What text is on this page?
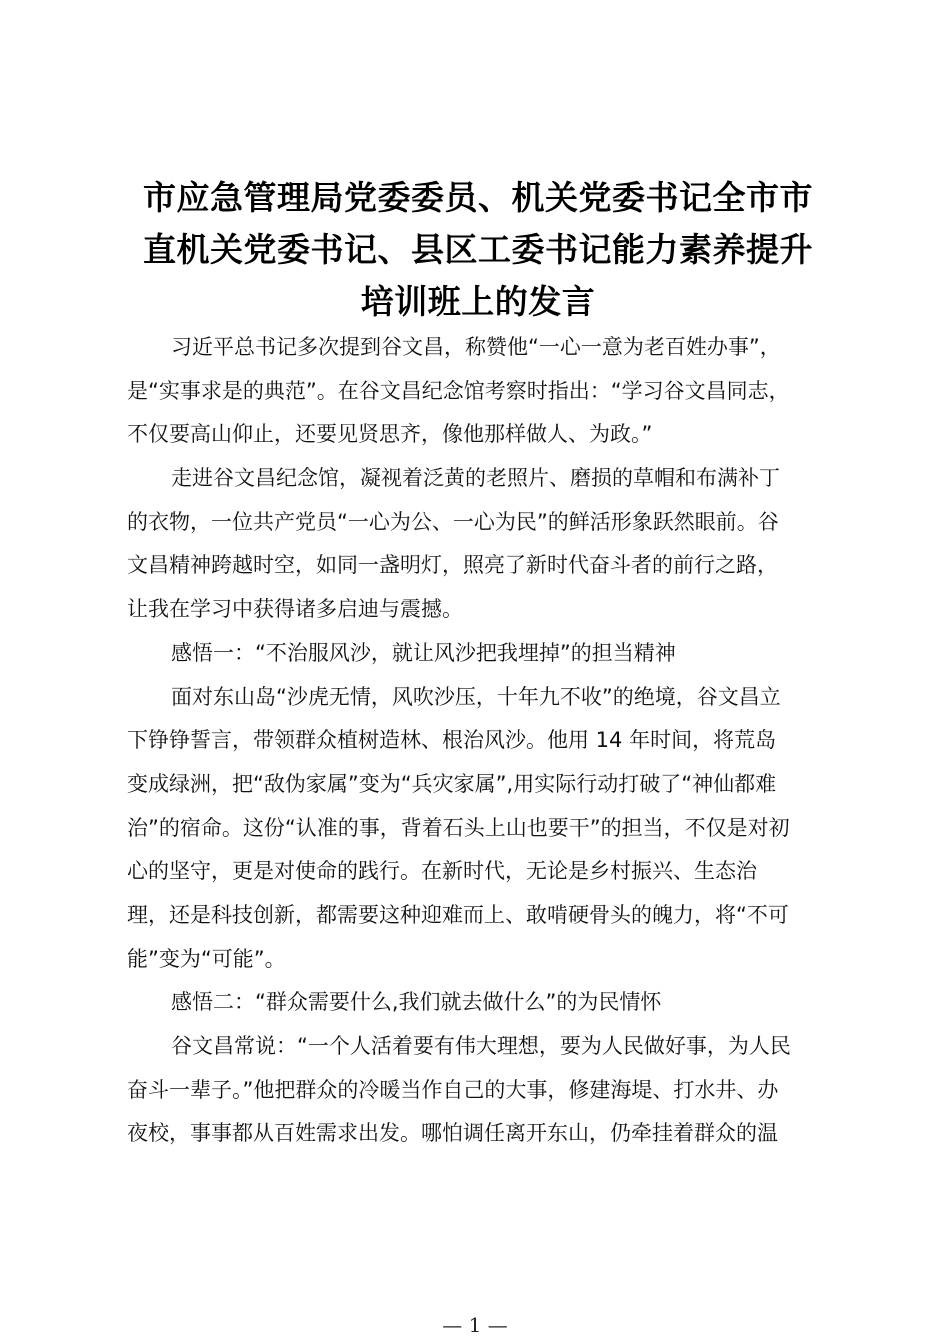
市应急管理局党委委员、机关党委书记全市市
直机关党委书记、县区工委书记能力素养提升
培训班上的发言
习近平总书记多次提到谷文昌，称赞他“一心一意为老百姓办事”，
是“实事求是的典范”。在谷文昌纪念馆考察时指出：“学习谷文昌同志，
不仅要高山仰止，还要见贤思齐，像他那样做人、为政。”
走进谷文昌纪念馆，凝视着泛黄的老照片、磨损的草帽和布满补丁
的衣物，一位共产党员“一心为公、一心为民”的鲜活形象跃然眼前。谷
文昌精神跨越时空，如同一盏明灯，照亮了新时代奋斗者的前行之路，
让我在学习中获得诸多启迪与震撼。
感悟一：“不治服风沙，就让风沙把我埋掉”的担当精神
面对东山岛“沙虎无情，风吹沙压，十年九不收”的绝境，谷文昌立
下铮铮誓言，带领群众植树造林、根治风沙。他用 14 年时间，将荒岛
变成绿洲，把“敌伪家属”变为“兵灾家属”,用实际行动打破了“神仙都难
治”的宿命。这份“认准的事，背着石头上山也要干”的担当，不仅是对初
心的坚守，更是对使命的践行。在新时代，无论是乡村振兴、生态治
理，还是科技创新，都需要这种迎难而上、敢啃硬骨头的魄力，将“不可
能”变为“可能”。
感悟二：“群众需要什么,我们就去做什么”的为民情怀
谷文昌常说：“一个人活着要有伟大理想，要为人民做好事，为人民
奋斗一辈子。”他把群众的冷暖当作自己的大事，修建海堤、打水井、办
夜校，事事都从百姓需求出发。哪怕调任离开东山，仍牵挂着群众的温
— 1 —
